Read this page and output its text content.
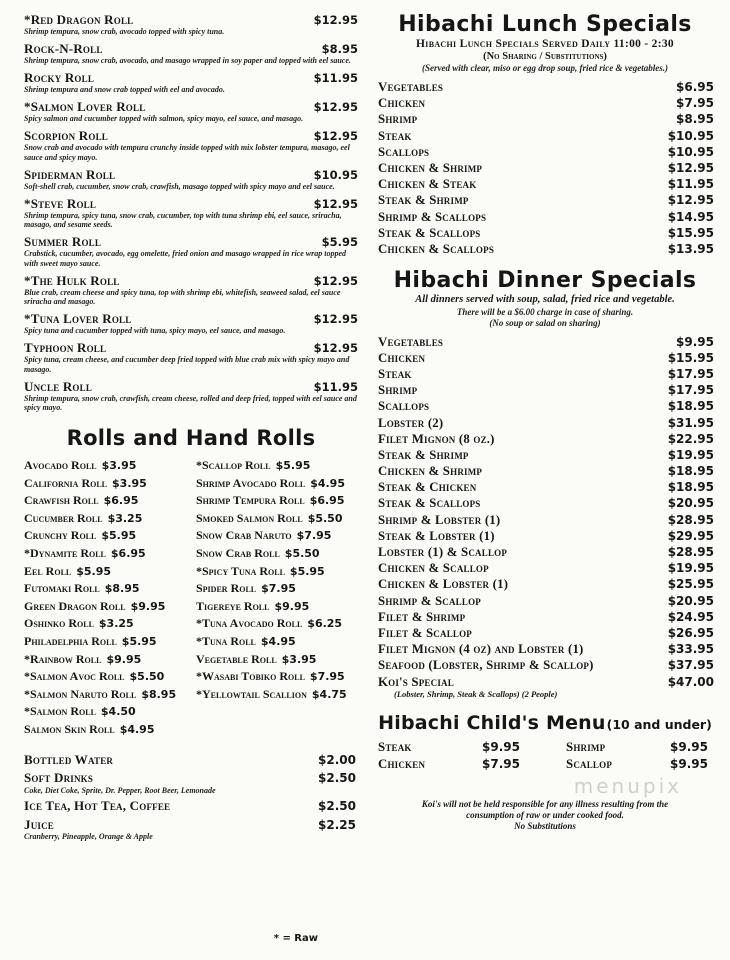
*Red Dragon Roll	$12.95
Shrimp tempura, snow crab, avocado topped with spicy tuna.
Rock-N-Roll	$8.95
Shrimp tempura, snow crab, avocado, and masago wrapped in soy paper and topped with eel sauce.
Rocky Roll	$11.95
Shrimp tempura and snow crab topped with eel and avocado.
*Salmon Lover Roll	$12.95
Spicy salmon and cucumber topped with salmon, spicy mayo, eel sauce, and masago.
Scorpion Roll	$12.95
Snow crab and avocado with tempura crunchy inside topped with mix lobster tempura, masago, eel sauce and spicy mayo.
Spiderman Roll	$10.95
Soft-shell crab, cucumber, snow crab, crawfish, masago topped with spicy mayo and eel sauce.
*Steve Roll	$12.95
Shrimp tempura, spicy tuna, snow crab, cucumber, top with tuna shrimp ebi, eel sauce, sriracha, masago, and sesame seeds.
Summer Roll	$5.95
Crabstick, cucumber, avocado, egg omelette, fried onion and masago wrapped in rice wrap topped with sweet mayo sauce.
*The Hulk Roll	$12.95
Blue crab, cream cheese and spicy tuna, top with shrimp ebi, whitefish, seaweed salad, eel sauce sriracha and masago.
*Tuna Lover Roll	$12.95
Spicy tuna and cucumber topped with tuna, spicy mayo, eel sauce, and masago.
Typhoon Roll	$12.95
Spicy tuna, cream cheese, and cucumber deep fried topped with blue crab mix with spicy mayo and masago.
Uncle Roll	$11.95
Shrimp tempura, snow crab, crawfish, cream cheese, rolled and deep fried, topped with eel sauce and spicy mayo.
Rolls and Hand Rolls
Avocado Roll $3.95
California Roll $3.95
Crawfish Roll $6.95
Cucumber Roll $3.25
Crunchy Roll $5.95
*Dynamite Roll $6.95
Eel Roll $5.95
Futomaki Roll $8.95
Green Dragon Roll $9.95
Oshinko Roll $3.25
Philadelphia Roll $5.95
*Rainbow Roll $9.95
*Salmon Avoc Roll $5.50
*Salmon Naruto Roll $8.95
*Salmon Roll $4.50
Salmon Skin Roll $4.95
*Scallop Roll $5.95
Shrimp Avocado Roll $4.95
Shrimp Tempura Roll $6.95
Smoked Salmon Roll $5.50
Snow Crab Naruto $7.95
Snow Crab Roll $5.50
*Spicy Tuna Roll $5.95
Spider Roll $7.95
Tigereye Roll $9.95
*Tuna Avocado Roll $6.25
*Tuna Roll $4.95
Vegetable Roll $3.95
*Wasabi Tobiko Roll $7.95
*Yellowtail Scallion $4.75
Bottled Water	$2.00
Soft Drinks	$2.50
Coke, Diet Coke, Sprite, Dr. Pepper, Root Beer, Lemonade
Ice Tea, Hot Tea, Coffee	$2.50
Juice	$2.25
Cranberry, Pineapple, Orange & Apple
* = Raw
Hibachi Lunch Specials
Hibachi Lunch Specials Served Daily 11:00 - 2:30
(No Sharing / Substitutions)
(Served with clear, miso or egg drop soup, fried rice & vegetables.)
Vegetables	$6.95
Chicken	$7.95
Shrimp	$8.95
Steak	$10.95
Scallops	$10.95
Chicken & Shrimp	$12.95
Chicken & Steak	$11.95
Steak & Shrimp	$12.95
Shrimp & Scallops	$14.95
Steak & Scallops	$15.95
Chicken & Scallops	$13.95
Hibachi Dinner Specials
All dinners served with soup, salad, fried rice and vegetable.
There will be a $6.00 charge in case of sharing.
(No soup or salad on sharing)
Vegetables	$9.95
Chicken	$15.95
Steak	$17.95
Shrimp	$17.95
Scallops	$18.95
Lobster (2)	$31.95
Filet Mignon (8 oz.)	$22.95
Steak & Shrimp	$19.95
Chicken & Shrimp	$18.95
Steak & Chicken	$18.95
Steak & Scallops	$20.95
Shrimp & Lobster (1)	$28.95
Steak & Lobster (1)	$29.95
Lobster (1) & Scallop	$28.95
Chicken & Scallop	$19.95
Chicken & Lobster (1)	$25.95
Shrimp & Scallop	$20.95
Filet & Shrimp	$24.95
Filet & Scallop	$26.95
Filet Mignon (4 oz) and Lobster (1)	$33.95
Seafood (Lobster, Shrimp & Scallop)	$37.95
Koi's Special	$47.00
(Lobster, Shrimp, Steak & Scallops) (2 People)
Hibachi Child's Menu(10 and under)
Steak	$9.95	Shrimp	$9.95
Chicken	$7.95	Scallop	$9.95
menupix
Koi's will not be held responsible for any illness resulting from the
consumption of raw or under cooked food.
No Substitutions
